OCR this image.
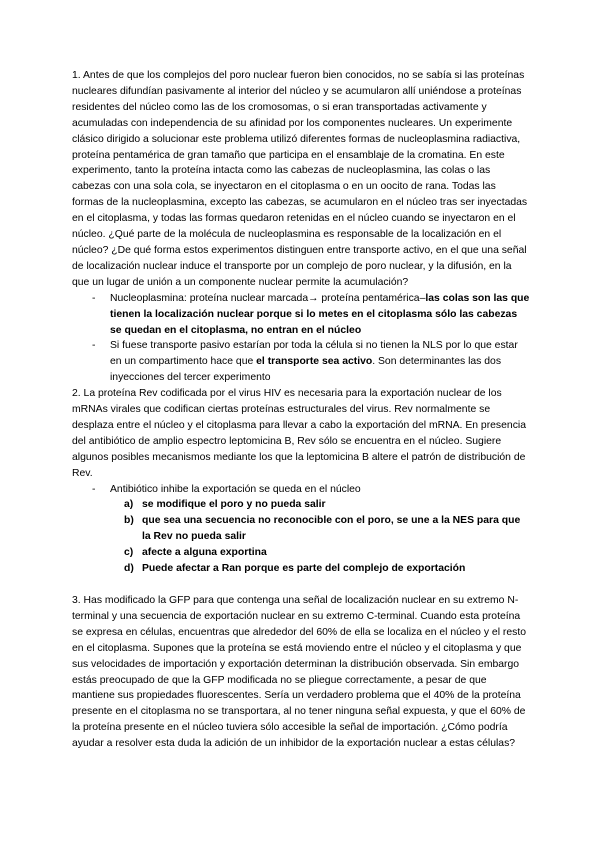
1. Antes de que los complejos del poro nuclear fueron bien conocidos, no se sabía si las proteínas nucleares difundían pasivamente al interior del núcleo y se acumularon allí uniéndose a proteínas residentes del núcleo como las de los cromosomas, o si eran transportadas activamente y acumuladas con independencia de su afinidad por los componentes nucleares. Un experimente clásico dirigido a solucionar este problema utilizó diferentes formas de nucleoplasmina radiactiva, proteína pentamérica de gran tamaño que participa en el ensamblaje de la cromatina. En este experimento, tanto la proteína intacta como las cabezas de nucleoplasmina, las colas o las cabezas con una sola cola, se inyectaron en el citoplasma o en un oocito de rana. Todas las formas de la nucleoplasmina, excepto las cabezas, se acumularon en el núcleo tras ser inyectadas en el citoplasma, y todas las formas quedaron retenidas en el núcleo cuando se inyectaron en el núcleo. ¿Qué parte de la molécula de nucleoplasmina es responsable de la localización en el núcleo? ¿De qué forma estos experimentos distinguen entre transporte activo, en el que una señal de localización nuclear induce el transporte por un complejo de poro nuclear, y la difusión, en la que un lugar de unión a un componente nuclear permite la acumulación?

- Nucleoplasmina: proteína nuclear marcada→ proteína pentamérica–las colas son las que tienen la localización nuclear porque si lo metes en el citoplasma sólo las cabezas se quedan en el citoplasma, no entran en el núcleo
- Si fuese transporte pasivo estarían por toda la célula si no tienen la NLS por lo que estar en un compartimento hace que el transporte sea activo. Son determinantes las dos inyecciones del tercer experimento

2. La proteína Rev codificada por el virus HIV es necesaria para la exportación nuclear de los mRNAs virales que codifican ciertas proteínas estructurales del virus. Rev normalmente se desplaza entre el núcleo y el citoplasma para llevar a cabo la exportación del mRNA. En presencia del antibiótico de amplio espectro leptomicina B, Rev sólo se encuentra en el núcleo. Sugiere algunos posibles mecanismos mediante los que la leptomicina B altere el patrón de distribución de Rev.

- Antibiótico inhibe la exportación se queda en el núcleo
a) se modifique el poro y no pueda salir
b) que sea una secuencia no reconocible con el poro, se une a la NES para que la Rev no pueda salir
c) afecte a alguna exportina
d) Puede afectar a Ran porque es parte del complejo de exportación

3. Has modificado la GFP para que contenga una señal de localización nuclear en su extremo N-terminal y una secuencia de exportación nuclear en su extremo C-terminal. Cuando esta proteína se expresa en células, encuentras que alrededor del 60% de ella se localiza en el núcleo y el resto en el citoplasma. Supones que la proteína se está moviendo entre el núcleo y el citoplasma y que sus velocidades de importación y exportación determinan la distribución observada. Sin embargo estás preocupado de que la GFP modificada no se pliegue correctamente, a pesar de que mantiene sus propiedades fluorescentes. Sería un verdadero problema que el 40% de la proteína presente en el citoplasma no se transportara, al no tener ninguna señal expuesta, y que el 60% de la proteína presente en el núcleo tuviera sólo accesible la señal de importación. ¿Cómo podría ayudar a resolver esta duda la adición de un inhibidor de la exportación nuclear a estas células?
